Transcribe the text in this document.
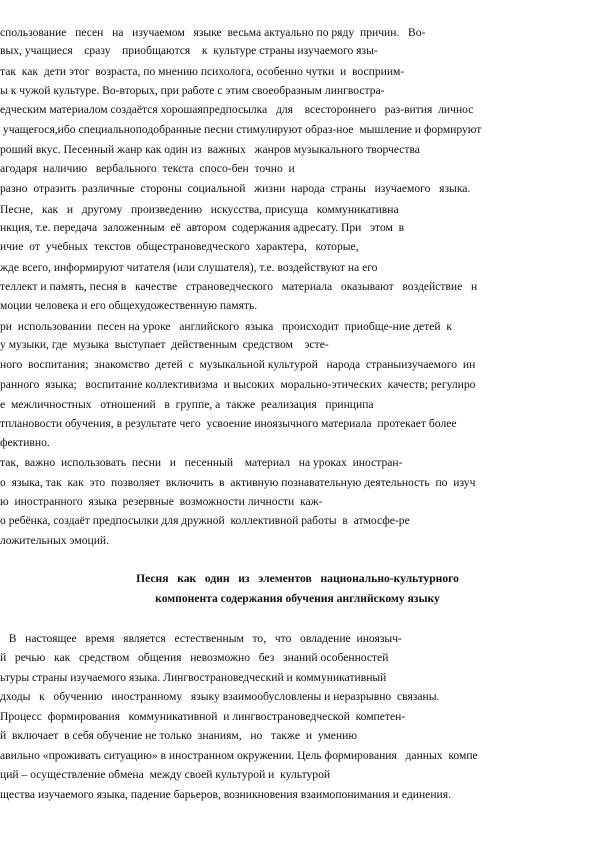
спользование   песен   на   изучаемом   языке  весьма актуально по ряду  причин.   Во-
вых, учащиеся    сразу    приобщаются    к  культуре страны изучаемого язы-
так  как  дети этог  возраста, по мнению психолога, особенно чутки  и  восприим-
ы к чужой культуре. Во-вторых, при работе с этим своеобразным лингвостра-
едческим материалом создаётся хорошаяпредпосылка   для    всестороннего   раз-вития  личнос
учащегося,ибо специальноподобранные песни стимулируют образ-ное  мышление и формируют
роший вкус. Песенный жанр как один из  важных   жанров музыкального творчества
агодаря  наличию   вербального  текста  спосо-бен  точно  и
разно  отразить  различные  стороны  социальной   жизни  народа  страны   изучаемого   языка.
Песне,   как   и   другому   произведению   искусства, присуща   коммуникативна
нкция, т.е. передача  заложенным  её  автором  содержания адресату. При   этом  в
ичие  от  учебных  текстов  общестрановедческого  характера,   которые,
жде всего, информируют читателя (или слушателя), т.е. воздействуют на его
теллект и память, песня в   качестве   страноведческого   материала   оказывают   воздействие   н
моции человека и его общехудожественную память.
ри  использовании  песен на уроке   английского  языка   происходит  приобще-ние детей  к
у музыки, где  музыка  выступает  действенным  средством    эсте-
ного  воспитания;  знакомство  детей  с  музыкальной культурой   народа  страныизучаемого  ин
ранного  языка;   воспитание коллективизма  и высоких  морально-этических  качеств; регулиро
е  межличностных   отношений   в  группе, а  также  реализация   принципа
тплановости обучения, в результате чего  усвоение иноязычного материала  протекает более
фективно.
так,  важно  использовать  песни   и   песенный    материал   на уроках  иностран-
о  языка, так  как  это  позволяет  включить  в  активную познавательную деятельность  по  изуч
ю  иностранного  языка  резервные  возможности личности  каж-
о ребёнка, создаёт предпосылки для дружной  коллективной работы  в  атмосфе-ре
ложительных эмоций.
Песня   как   один   из   элементов   национально-культурного
компонента содержания обучения английскому языку
В   настоящее   время   является   естественным   то,   что   овладение  иноязыч-
й   речью   как   средством   общения   невозможно   без   знаний особенностей
ьтуры страны изучаемого языка. Лингвострановедческий и коммуникативный
дходы   к   обучению   иностранному   языку взаимообусловлены и неразрывно  связаны.
Процесс  формирования   коммуникативной  и лингвострановедческой  компетен-
й  включает  в себя обучение не только  знаниям,   но   также  и  умению
авильно «проживать ситуацию» в иностранном окружении. Цель формирования   данных  компе
ций – осуществление обмена  между своей культурой и  культурой
щества изучаемого языка, падение барьеров, возникновения взаимопонимания и единения.
